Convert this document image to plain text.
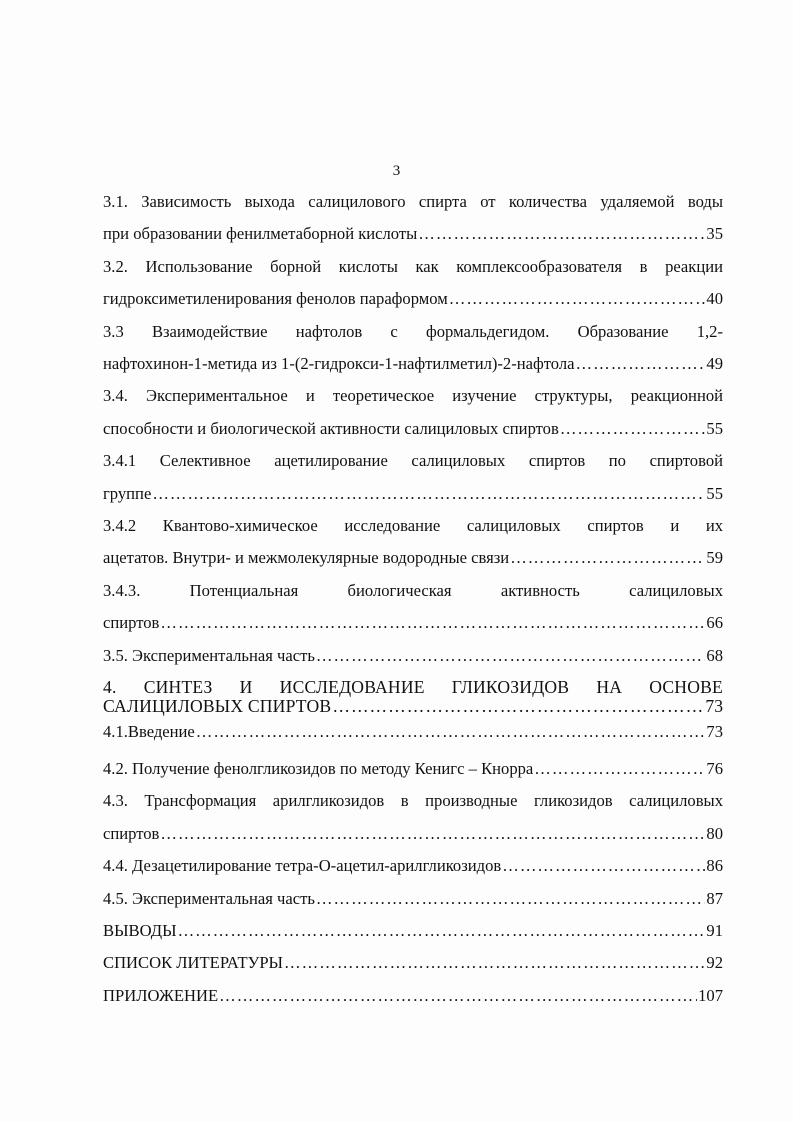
3
3.1. Зависимость выхода салицилового спирта от количества удаляемой воды
при образовании фенилметаборной кислоты ……………………………………………………………………………………………………………………………………………………………………	35
3.2. Использование борной кислоты как комплексообразователя в реакции
гидроксиметиленирования фенолов параформом ……………………………………………………………………………………………………………………………………………………………………	40
3.3 Взаимодействие нафтолов с формальдегидом. Образование 1,2-
нафтохинон-1-метида из 1-(2-гидрокси-1-нафтилметил)-2-нафтола ……………………………………………………………………………………………………………………………………………………………………	49
3.4. Экспериментальное и теоретическое изучение структуры, реакционной
способности и биологической активности салициловых спиртов ……………………………………………………………………………………………………………………………………………………………………	55
3.4.1 Селективное ацетилирование салициловых спиртов по спиртовой
группе ……………………………………………………………………………………………………………………………………………………………………	55
3.4.2 Квантово-химическое исследование салициловых спиртов и их
ацетатов. Внутри- и межмолекулярные водородные связи ……………………………………………………………………………………………………………………………………………………………………	59
3.4.3. Потенциальная биологическая активность салициловых
спиртов ……………………………………………………………………………………………………………………………………………………………………	66
3.5. Экспериментальная часть ……………………………………………………………………………………………………………………………………………………………………	68
4. СИНТЕЗ И ИССЛЕДОВАНИЕ ГЛИКОЗИДОВ НА ОСНОВЕ
САЛИЦИЛОВЫХ СПИРТОВ ……………………………………………………………………………………………………………………………………………………………………	73
4.1.Введение ……………………………………………………………………………………………………………………………………………………………………	73
4.2. Получение фенолгликозидов по методу Кенигс – Кнорра ……………………………………………………………………………………………………………………………………………………………………	76
4.3. Трансформация арилгликозидов в производные гликозидов салициловых
спиртов ……………………………………………………………………………………………………………………………………………………………………	80
4.4. Дезацетилирование тетра-О-ацетил-арилгликозидов ……………………………………………………………………………………………………………………………………………………………………	86
4.5. Экспериментальная часть ……………………………………………………………………………………………………………………………………………………………………	87
ВЫВОДЫ ……………………………………………………………………………………………………………………………………………………………………	91
СПИСОК ЛИТЕРАТУРЫ ……………………………………………………………………………………………………………………………………………………………………	92
ПРИЛОЖЕНИЕ ……………………………………………………………………………………………………………………………………………………………………	107
